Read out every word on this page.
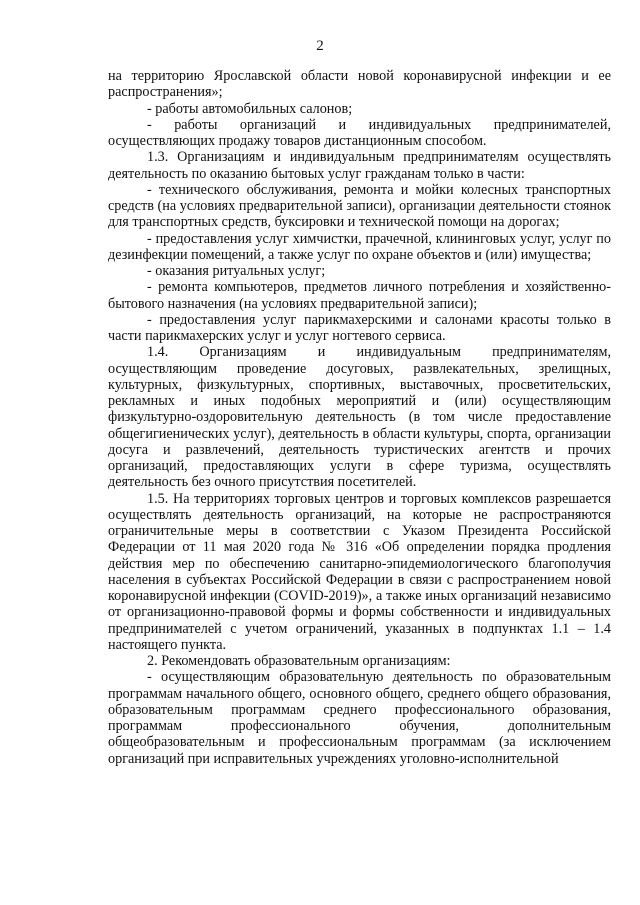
2

на территорию Ярославской области новой коронавирусной инфекции и ее распространения»;

- работы автомобильных салонов;

- работы организаций и индивидуальных предпринимателей, осуществляющих продажу товаров дистанционным способом.

1.3. Организациям и индивидуальным предпринимателям осуществлять деятельность по оказанию бытовых услуг гражданам только в части:

- технического обслуживания, ремонта и мойки колесных транспортных средств (на условиях предварительной записи), организации деятельности стоянок для транспортных средств, буксировки и технической помощи на дорогах;

- предоставления услуг химчистки, прачечной, клининговых услуг, услуг по дезинфекции помещений, а также услуг по охране объектов и (или) имущества;

- оказания ритуальных услуг;

- ремонта компьютеров, предметов личного потребления и хозяйственно-бытового назначения (на условиях предварительной записи);

- предоставления услуг парикмахерскими и салонами красоты только в части парикмахерских услуг и услуг ногтевого сервиса.

1.4. Организациям и индивидуальным предпринимателям, осуществляющим проведение досуговых, развлекательных, зрелищных, культурных, физкультурных, спортивных, выставочных, просветительских, рекламных и иных подобных мероприятий и (или) осуществляющим физкультурно-оздоровительную деятельность (в том числе предоставление общегигиенических услуг), деятельность в области культуры, спорта, организации досуга и развлечений, деятельность туристических агентств и прочих организаций, предоставляющих услуги в сфере туризма, осуществлять деятельность без очного присутствия посетителей.

1.5. На территориях торговых центров и торговых комплексов разрешается осуществлять деятельность организаций, на которые не распространяются ограничительные меры в соответствии с Указом Президента Российской Федерации от 11 мая 2020 года № 316 «Об определении порядка продления действия мер по обеспечению санитарно-эпидемиологического благополучия населения в субъектах Российской Федерации в связи с распространением новой коронавирусной инфекции (COVID-2019)», а также иных организаций независимо от организационно-правовой формы и формы собственности и индивидуальных предпринимателей с учетом ограничений, указанных в подпунктах 1.1 – 1.4 настоящего пункта.

2. Рекомендовать образовательным организациям:

- осуществляющим образовательную деятельность по образовательным программам начального общего, основного общего, среднего общего образования, образовательным программам среднего профессионального образования, программам профессионального обучения, дополнительным общеобразовательным и профессиональным программам (за исключением организаций при исправительных учреждениях уголовно-исполнительной
